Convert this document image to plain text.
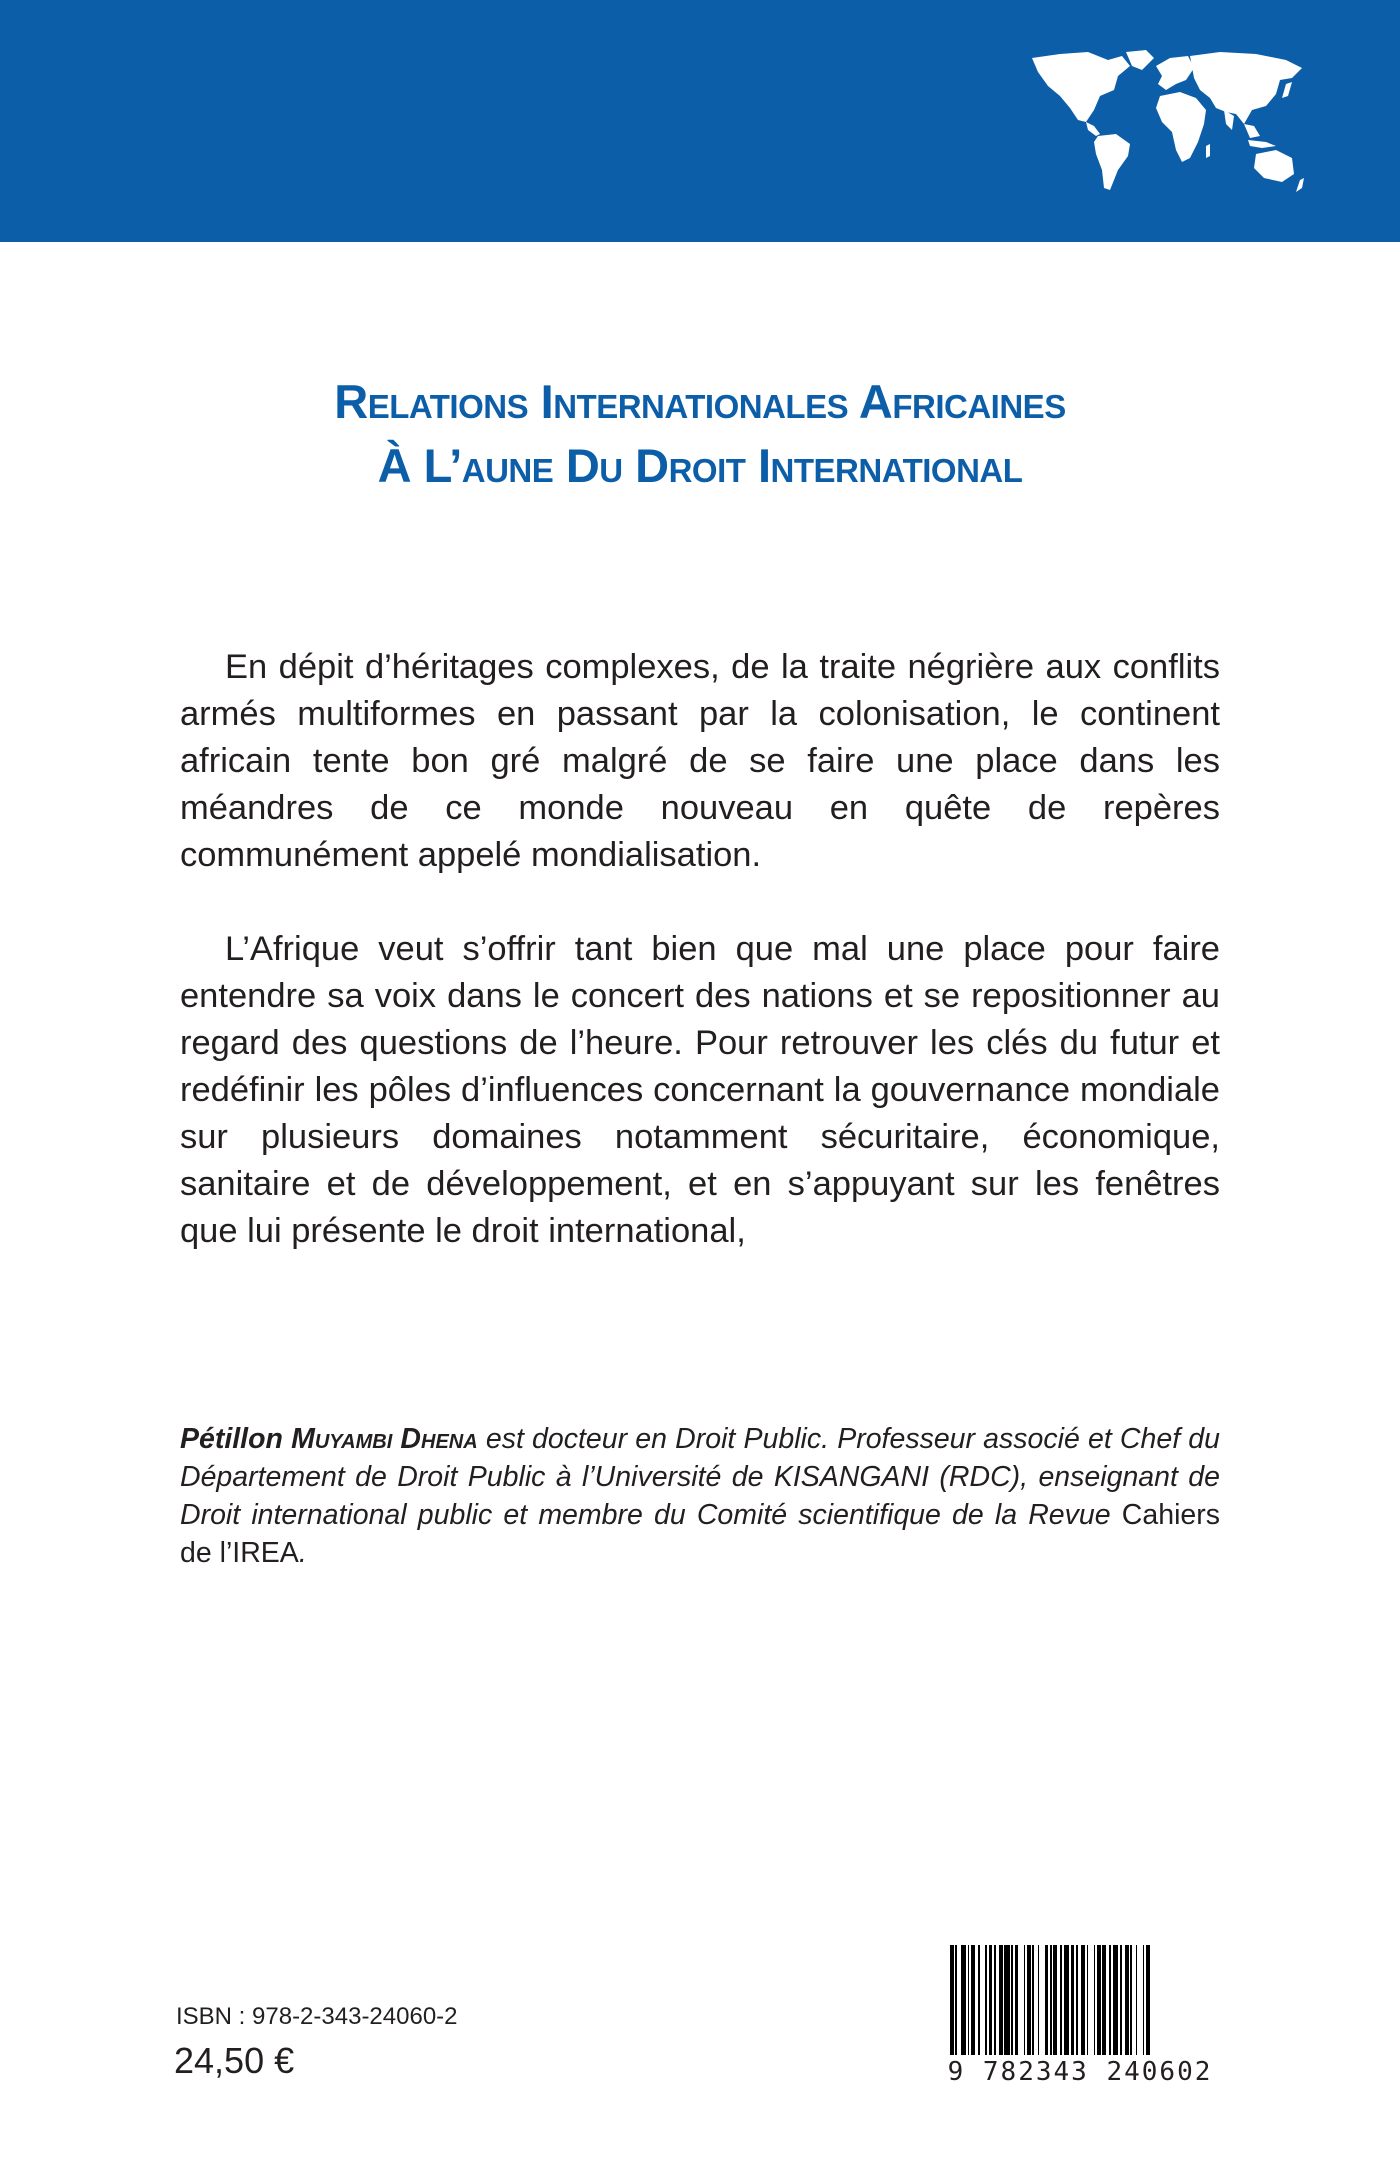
Relations Internationales Africaines
À L’aune Du Droit International

En dépit d’héritages complexes, de la traite négrière aux conflits armés multiformes en passant par la colonisation, le continent africain tente bon gré malgré de se faire une place dans les méandres de ce monde nouveau en quête de repères communément appelé mondialisation.

L’Afrique veut s’offrir tant bien que mal une place pour faire entendre sa voix dans le concert des nations et se repositionner au regard des questions de l’heure. Pour retrouver les clés du futur et redéfinir les pôles d’influences concernant la gouvernance mondiale sur plusieurs domaines notamment sécuritaire, économique, sanitaire et de développement, et en s’appuyant sur les fenêtres que lui présente le droit international,

Pétillon Muyambi Dhena est docteur en Droit Public. Professeur associé et Chef du Département de Droit Public à l’Université de KISANGANI (RDC), enseignant de Droit international public et membre du Comité scientifique de la Revue Cahiers de l’IREA.
ISBN : 978-2-343-24060-2
24,50 €	9 782343 240602
